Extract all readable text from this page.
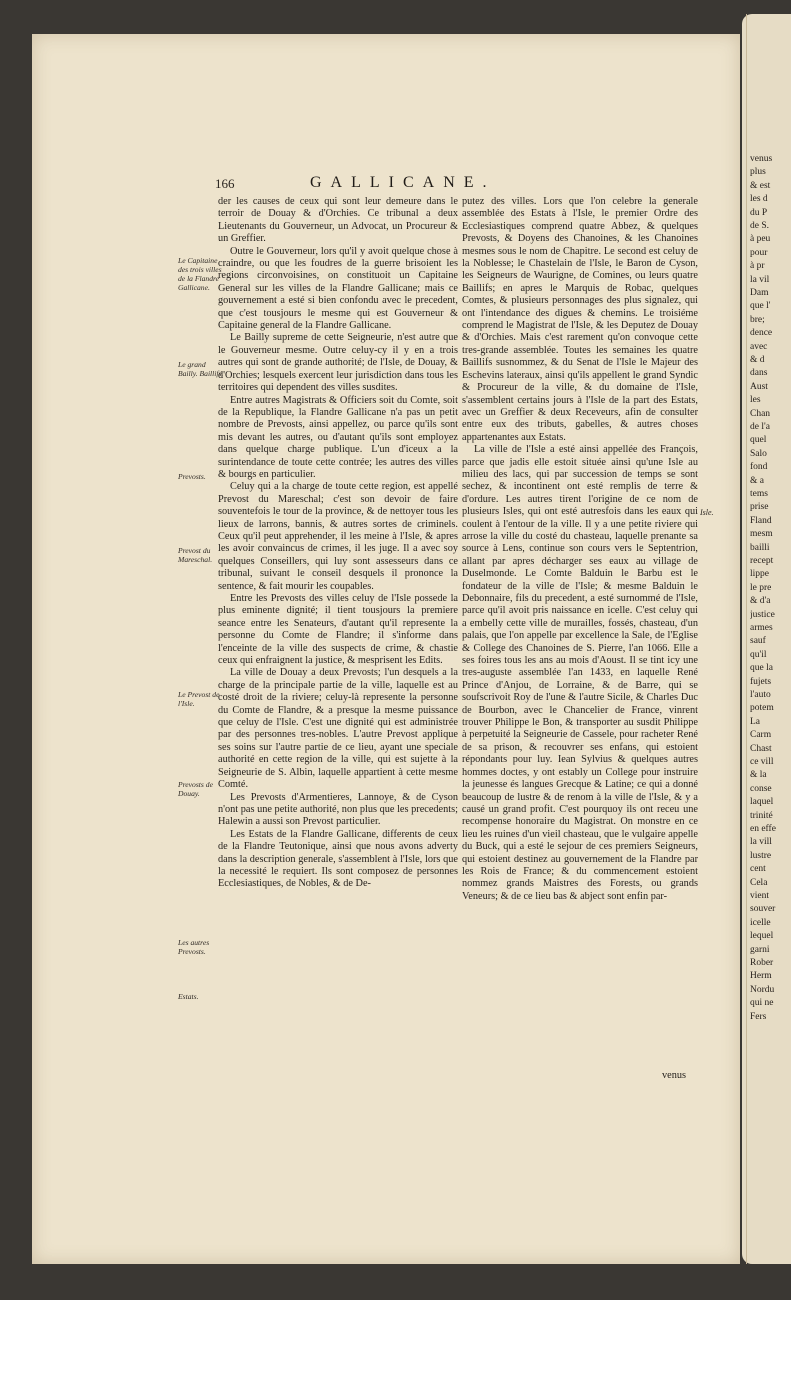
venus
plus
& est
les d
du P
de S.
à peu
pour
à pr
la vil
Dam
que l'
bre;
dence
avec
& d
dans
Aust
les
Chan
de l'a
quel
Salo
fond
& a
tems
prise
Fland
mesm
bailli
recept
lippe
le pre
& d'a
justice
armes
sauf
qu'il
que la
fujets
l'auto
potem
La
Carm
Chast
ce vill
& la
conse
laquel
trinité
en effe
la vill
lustre
cent
Cela
vient
souver
icelle
lequel
garni
Rober
Herm
Nordu
qui ne
Fers
166	GALLICANE.

der les causes de ceux qui sont leur demeure dans le terroir de Douay & d'Orchies. Ce tribunal a deux Lieutenants du Gouverneur, un Advocat, un Procureur & un Greffier.

Outre le Gouverneur, lors qu'il y avoit quelque chose à craindre, ou que les foudres de la guerre brisoient les regions circonvoisines, on constituoit un Capitaine General sur les villes de la Flandre Gallicane; mais ce gouvernement a esté si bien confondu avec le precedent, que c'est tousjours le mesme qui est Gouverneur & Capitaine general de la Flandre Gallicane.

Le Bailly supreme de cette Seigneurie, n'est autre que le Gouverneur mesme. Outre celuy-cy il y en a trois autres qui sont de grande authorité; de l'Isle, de Douay, & d'Orchies; lesquels exercent leur jurisdiction dans tous les territoires qui dependent des villes susdites.

Entre autres Magistrats & Officiers soit du Comte, soit de la Republique, la Flandre Gallicane n'a pas un petit nombre de Prevosts, ainsi appellez, ou parce qu'ils sont mis devant les autres, ou d'autant qu'ils sont employez dans quelque charge publique. L'un d'iceux a la surintendance de toute cette contrée; les autres des villes & bourgs en particulier.

Celuy qui a la charge de toute cette region, est appellé Prevost du Mareschal; c'est son devoir de faire souventefois le tour de la province, & de nettoyer tous les lieux de larrons, bannis, & autres sortes de criminels. Ceux qu'il peut apprehender, il les meine à l'Isle, & apres les avoir convaincus de crimes, il les juge. Il a avec soy quelques Conseillers, qui luy sont assesseurs dans ce tribunal, suivant le conseil desquels il prononce la sentence, & fait mourir les coupables.

Entre les Prevosts des villes celuy de l'Isle possede la plus eminente dignité; il tient tousjours la premiere seance entre les Senateurs, d'autant qu'il represente la personne du Comte de Flandre; il s'informe dans l'enceinte de la ville des suspects de crime, & chastie ceux qui enfraignent la justice, & mesprisent les Edits.

La ville de Douay a deux Prevosts; l'un desquels a la charge de la principale partie de la ville, laquelle est au costé droit de la riviere; celuy-là represente la personne du Comte de Flandre, & a presque la mesme puissance que celuy de l'Isle. C'est une dignité qui est administrée par des personnes tres-nobles. L'autre Prevost applique ses soins sur l'autre partie de ce lieu, ayant une speciale authorité en cette region de la ville, qui est sujette à la Seigneurie de S. Albin, laquelle appartient à cette mesme Comté.

Les Prevosts d'Armentieres, Lannoye, & de Cyson n'ont pas une petite authorité, non plus que les precedents; Halewin a aussi son Prevost particulier.

Les Estats de la Flandre Gallicane, differents de ceux de la Flandre Teutonique, ainsi que nous avons adverty dans la description generale, s'assemblent à l'Isle, lors que la necessité le requiert. Ils sont composez de personnes Ecclesiastiques, de Nobles, & de De-

putez des villes. Lors que l'on celebre la generale assemblée des Estats à l'Isle, le premier Ordre des Ecclesiastiques comprend quatre Abbez, & quelques Prevosts, & Doyens des Chanoines, & les Chanoines mesmes sous le nom de Chapitre. Le second est celuy de la Noblesse; le Chastelain de l'Isle, le Baron de Cyson, les Seigneurs de Waurigne, de Comines, ou leurs quatre Baillifs; en apres le Marquis de Robac, quelques Comtes, & plusieurs personnages des plus signalez, qui ont l'intendance des digues & chemins. Le troisiéme comprend le Magistrat de l'Isle, & les Deputez de Douay & d'Orchies. Mais c'est rarement qu'on convoque cette tres-grande assemblée. Toutes les semaines les quatre Baillifs susnommez, & du Senat de l'Isle le Majeur des Eschevins lateraux, ainsi qu'ils appellent le grand Syndic & Procureur de la ville, & du domaine de l'Isle, s'assemblent certains jours à l'Isle de la part des Estats, avec un Greffier & deux Receveurs, afin de consulter entre eux des tributs, gabelles, & autres choses appartenantes aux Estats.

La ville de l'Isle a esté ainsi appellée des François, parce que jadis elle estoit située ainsi qu'une Isle au milieu des lacs, qui par succession de temps se sont sechez, & incontinent ont esté remplis de terre & d'ordure. Les autres tirent l'origine de ce nom de plusieurs Isles, qui ont esté autresfois dans les eaux qui coulent à l'entour de la ville. Il y a une petite riviere qui arrose la ville du costé du chasteau, laquelle prenante sa source à Lens, continue son cours vers le Septentrion, allant par apres décharger ses eaux au village de Duselmonde. Le Comte Balduin le Barbu est le fondateur de la ville de l'Isle; & mesme Balduin le Debonnaire, fils du precedent, a esté surnommé de l'Isle, parce qu'il avoit pris naissance en icelle. C'est celuy qui a embelly cette ville de murailles, fossés, chasteau, d'un palais, que l'on appelle par excellence la Sale, de l'Eglise & College des Chanoines de S. Pierre, l'an 1066. Elle a ses foires tous les ans au mois d'Aoust. Il se tint icy une tres-auguste assemblée l'an 1433, en laquelle René Prince d'Anjou, de Lorraine, & de Barre, qui se soufscrivoit Roy de l'une & l'autre Sicile, & Charles Duc de Bourbon, avec le Chancelier de France, vinrent trouver Philippe le Bon, & transporter au susdit Philippe à perpetuité la Seigneurie de Cassele, pour racheter René de sa prison, & recouvrer ses enfans, qui estoient répondants pour luy. Iean Sylvius & quelques autres hommes doctes, y ont estably un College pour instruire la jeunesse és langues Grecque & Latine; ce qui a donné beaucoup de lustre & de renom à la ville de l'Isle, & y a causé un grand profit. C'est pourquoy ils ont receu une recompense honoraire du Magistrat. On monstre en ce lieu les ruines d'un vieil chasteau, que le vulgaire appelle du Buck, qui a esté le sejour de ces premiers Seigneurs, qui estoient destinez au gouvernement de la Flandre par les Rois de France; & du commencement estoient nommez grands Maistres des Forests, ou grands Veneurs; & de ce lieu bas & abject sont enfin par-

venus
Le Capitaine des trois villes de la Flandre Gallicane.
Le grand Bailly. Baillifs.
Prevosts.
Prevost du Mareschal.
Le Prevost de l'Isle.
Prevosts de Douay.
Les autres Prevosts.
Estats.
Isle.
